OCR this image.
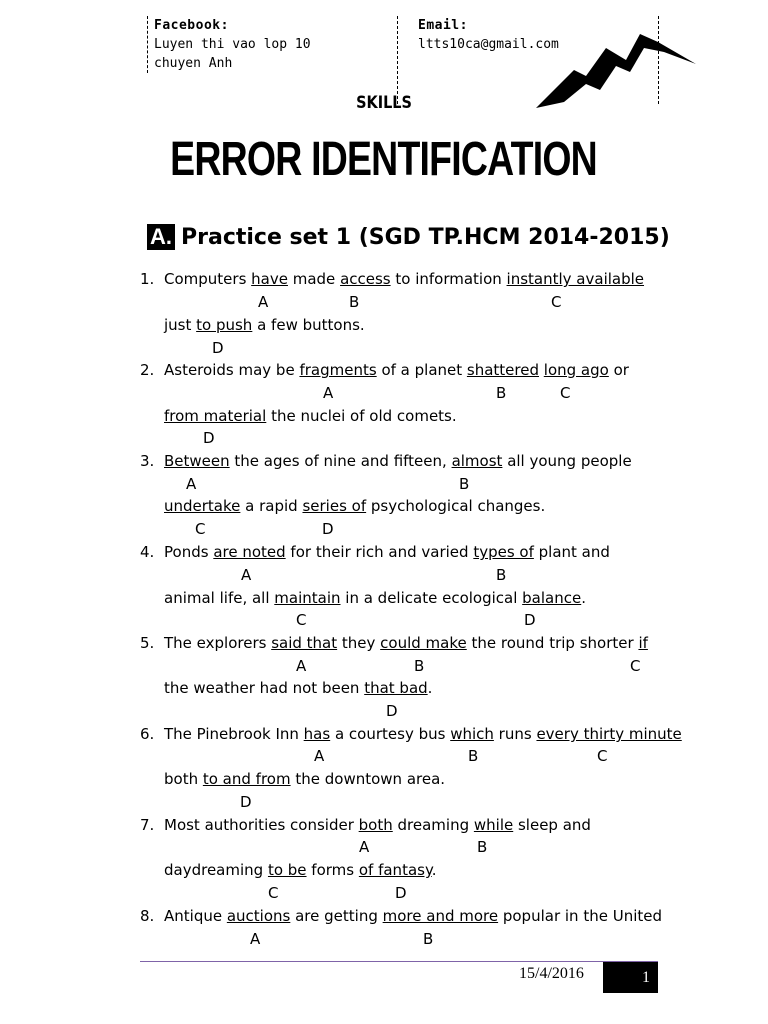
Facebook:
Luyen thi vao lop 10
chuyen Anh
Email:
ltts10ca@gmail.com
SKILLS
ERROR IDENTIFICATION
A. Practice set 1 (SGD TP.HCM 2014-2015)
1. Computers have made access to information instantly available
A	B	C
just to push a few buttons.
D
2. Asteroids may be fragments of a planet shattered long ago or
A	B	C
from material the nuclei of old comets.
D
3. Between the ages of nine and fifteen, almost all young people
A	B
undertake a rapid series of psychological changes.
C	D
4. Ponds are noted for their rich and varied types of plant and
A	B
animal life, all maintain in a delicate ecological balance.
C	D
5. The explorers said that they could make the round trip shorter if
A	B	C
the weather had not been that bad.
D
6. The Pinebrook Inn has a courtesy bus which runs every thirty minute
A	B	C
both to and from the downtown area.
D
7. Most authorities consider both dreaming while sleep and
A	B
daydreaming to be forms of fantasy.
C	D
8. Antique auctions are getting more and more popular in the United
A	B
15/4/2016	1
